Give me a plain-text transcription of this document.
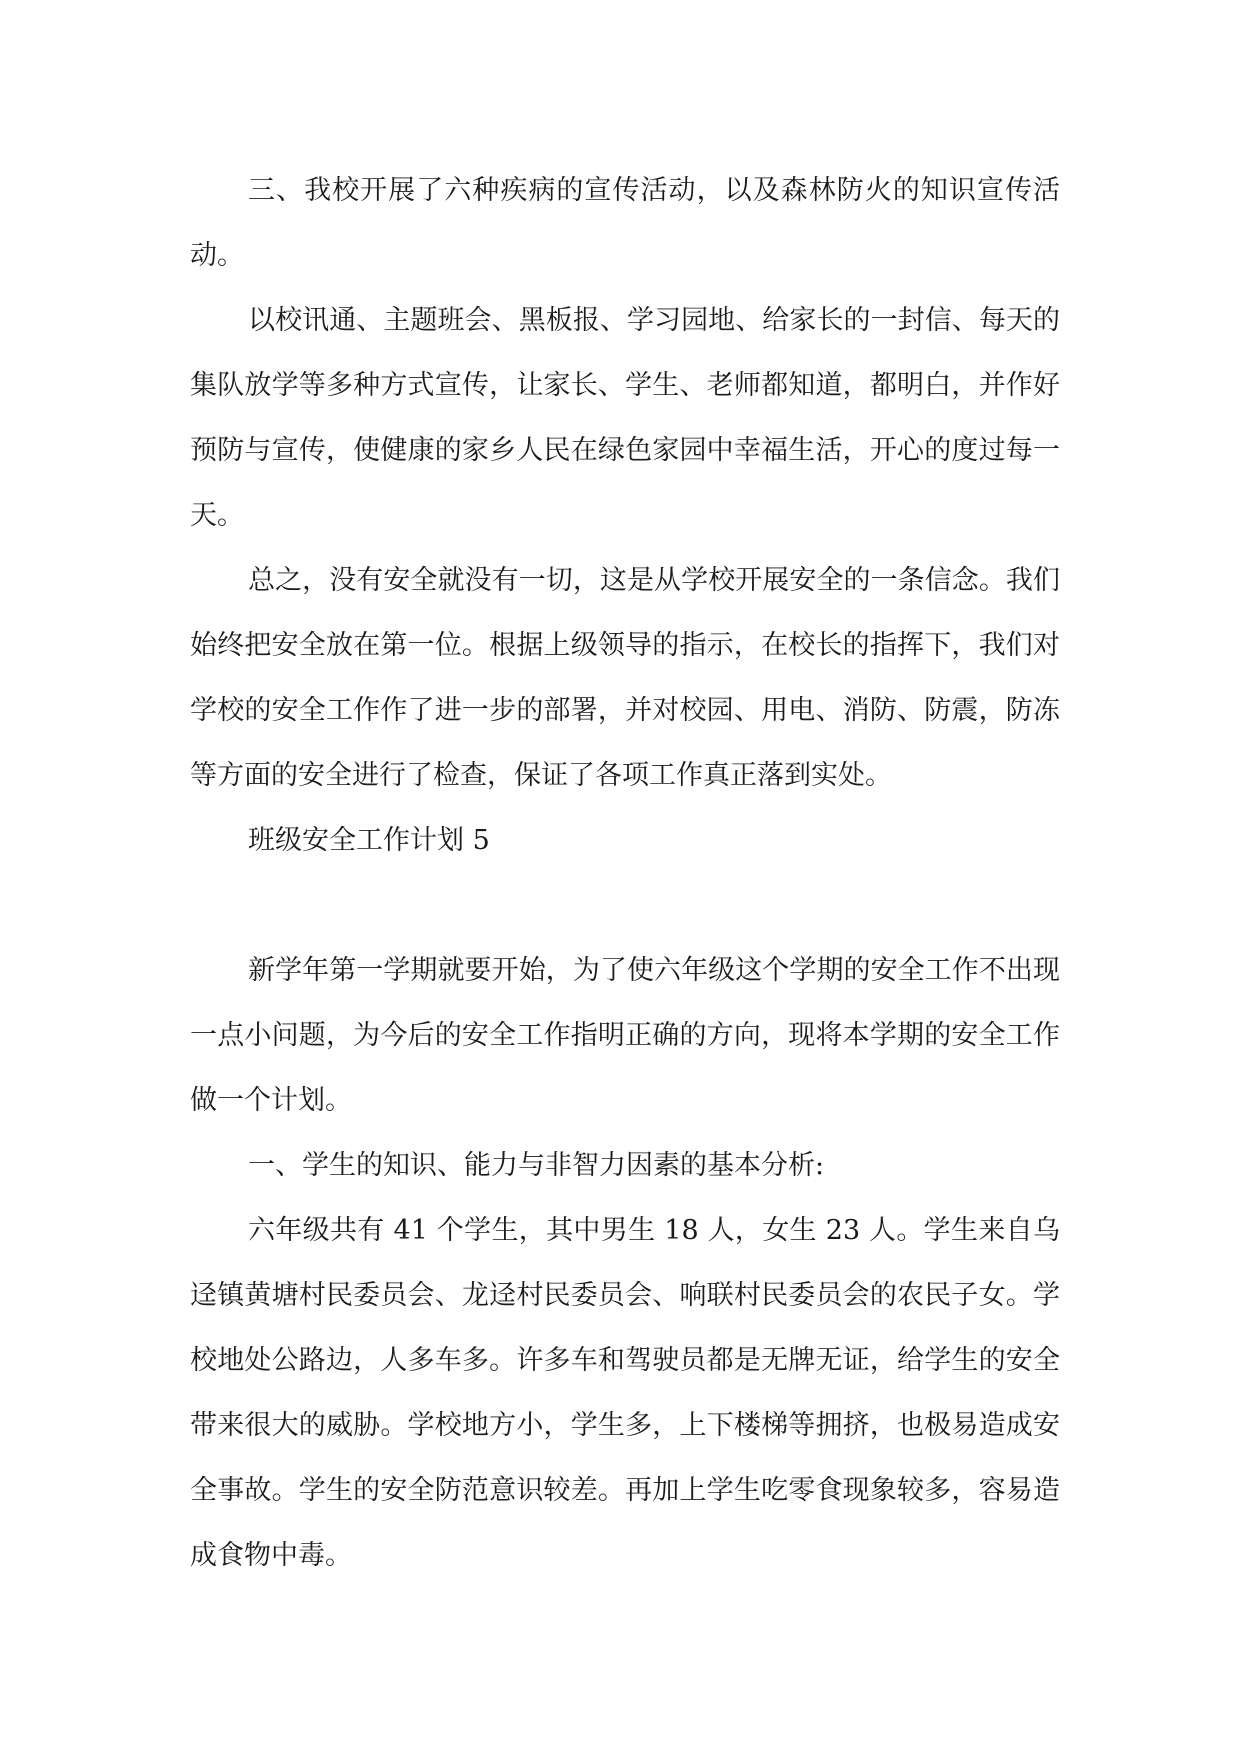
三、我校开展了六种疾病的宣传活动，以及森林防火的知识宣传活动。

以校讯通、主题班会、黑板报、学习园地、给家长的一封信、每天的集队放学等多种方式宣传，让家长、学生、老师都知道，都明白，并作好预防与宣传，使健康的家乡人民在绿色家园中幸福生活，开心的度过每一天。

总之，没有安全就没有一切，这是从学校开展安全的一条信念。我们始终把安全放在第一位。根据上级领导的指示，在校长的指挥下，我们对学校的安全工作作了进一步的部署，并对校园、用电、消防、防震，防冻等方面的安全进行了检查，保证了各项工作真正落到实处。

班级安全工作计划 5

新学年第一学期就要开始，为了使六年级这个学期的安全工作不出现一点小问题，为今后的安全工作指明正确的方向，现将本学期的安全工作做一个计划。

一、学生的知识、能力与非智力因素的基本分析:

六年级共有 41 个学生，其中男生 18 人，女生 23 人。学生来自乌迳镇黄塘村民委员会、龙迳村民委员会、响联村民委员会的农民子女。学校地处公路边，人多车多。许多车和驾驶员都是无牌无证，给学生的安全带来很大的威胁。学校地方小，学生多，上下楼梯等拥挤，也极易造成安全事故。学生的安全防范意识较差。再加上学生吃零食现象较多，容易造成食物中毒。
